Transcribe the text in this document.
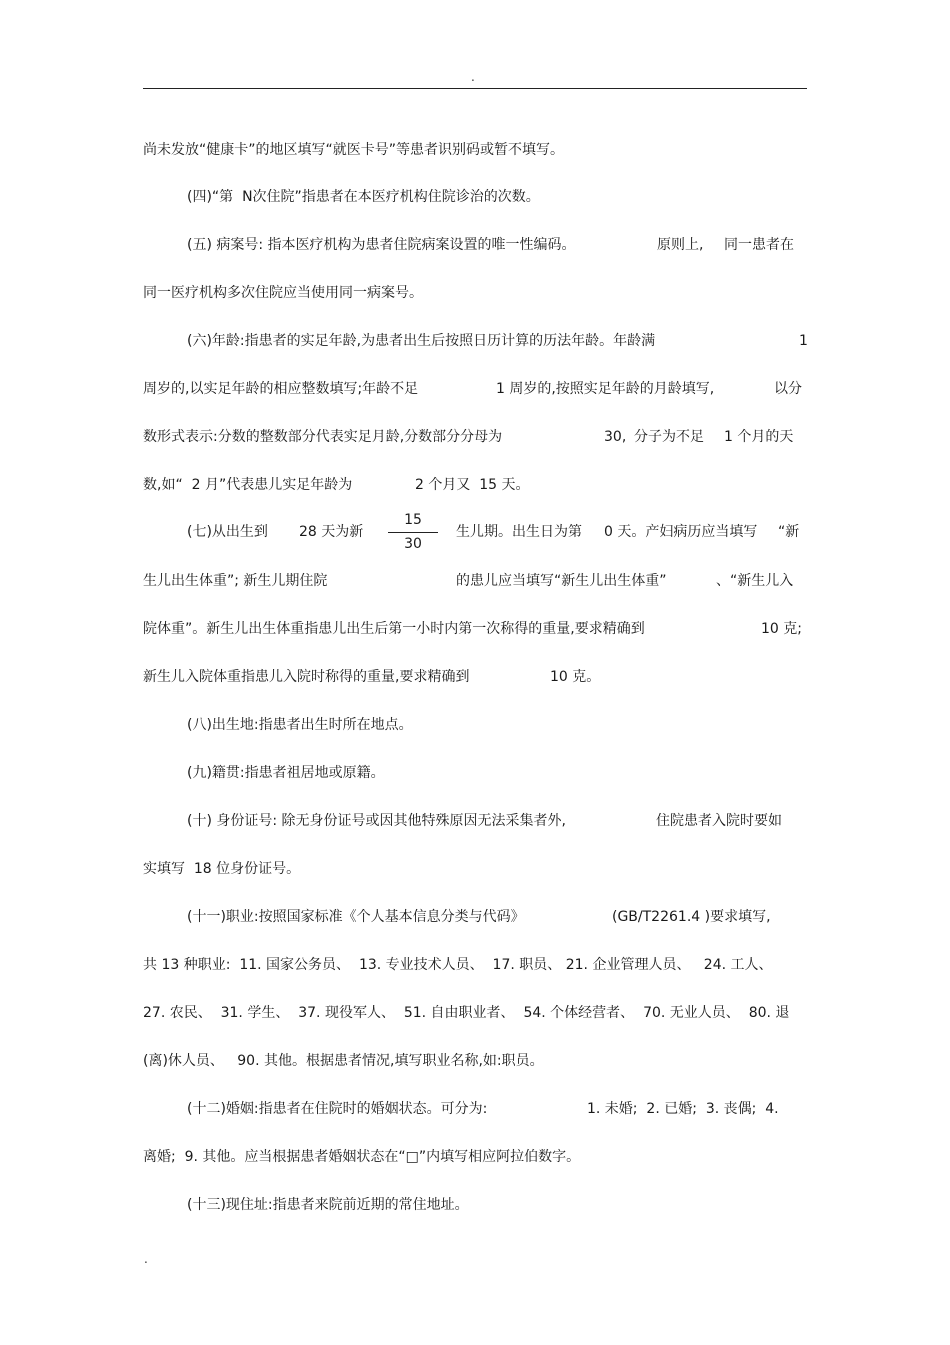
.
尚未发放“健康卡”的地区填写“就医卡号”等患者识别码或暂不填写。
(四)“第  N次住院”指患者在本医疗机构住院诊治的次数。
(五) 病案号: 指本医疗机构为患者住院病案设置的唯一性编码。	原则上, 同一患者在
同一医疗机构多次住院应当使用同一病案号。
(六)年龄:指患者的实足年龄,为患者出生后按照日历计算的历法年龄。年龄满	1
周岁的,以实足年龄的相应整数填写;年龄不足	1 周岁的,按照实足年龄的月龄填写,	以分
数形式表示:分数的整数部分代表实足月龄,分数部分分母为	30, 分子为不足 1 个月的天
数,如“  2 月”代表患儿实足年龄为	2 个月又  15 天。
(七)从出生到 28 天为新	生儿期。出生日为第 0 天。产妇病历应当填写 “新
生儿出生体重”; 新生儿期住院	的患儿应当填写“新生儿出生体重”	、“新生儿入
院体重”。新生儿出生体重指患儿出生后第一小时内第一次称得的重量,要求精确到	10 克;
新生儿入院体重指患儿入院时称得的重量,要求精确到	10 克。
(八)出生地:指患者出生时所在地点。
(九)籍贯:指患者祖居地或原籍。
(十) 身份证号: 除无身份证号或因其他特殊原因无法采集者外,	住院患者入院时要如
实填写  18 位身份证号。
(十一)职业:按照国家标准《个人基本信息分类与代码》	(GB/T2261.4 )要求填写,
共 13 种职业:  11. 国家公务员、  13. 专业技术人员、  17. 职员、 21. 企业管理人员、   24. 工人、
27. 农民、  31. 学生、  37. 现役军人、  51. 自由职业者、  54. 个体经营者、  70. 无业人员、  80. 退
(离)休人员、   90. 其他。根据患者情况,填写职业名称,如:职员。
(十二)婚姻:指患者在住院时的婚姻状态。可分为:	1. 未婚;  2. 已婚;  3. 丧偶;  4.
离婚;  9. 其他。应当根据患者婚姻状态在“□”内填写相应阿拉伯数字。
(十三)现住址:指患者来院前近期的常住地址。
15
30
.
